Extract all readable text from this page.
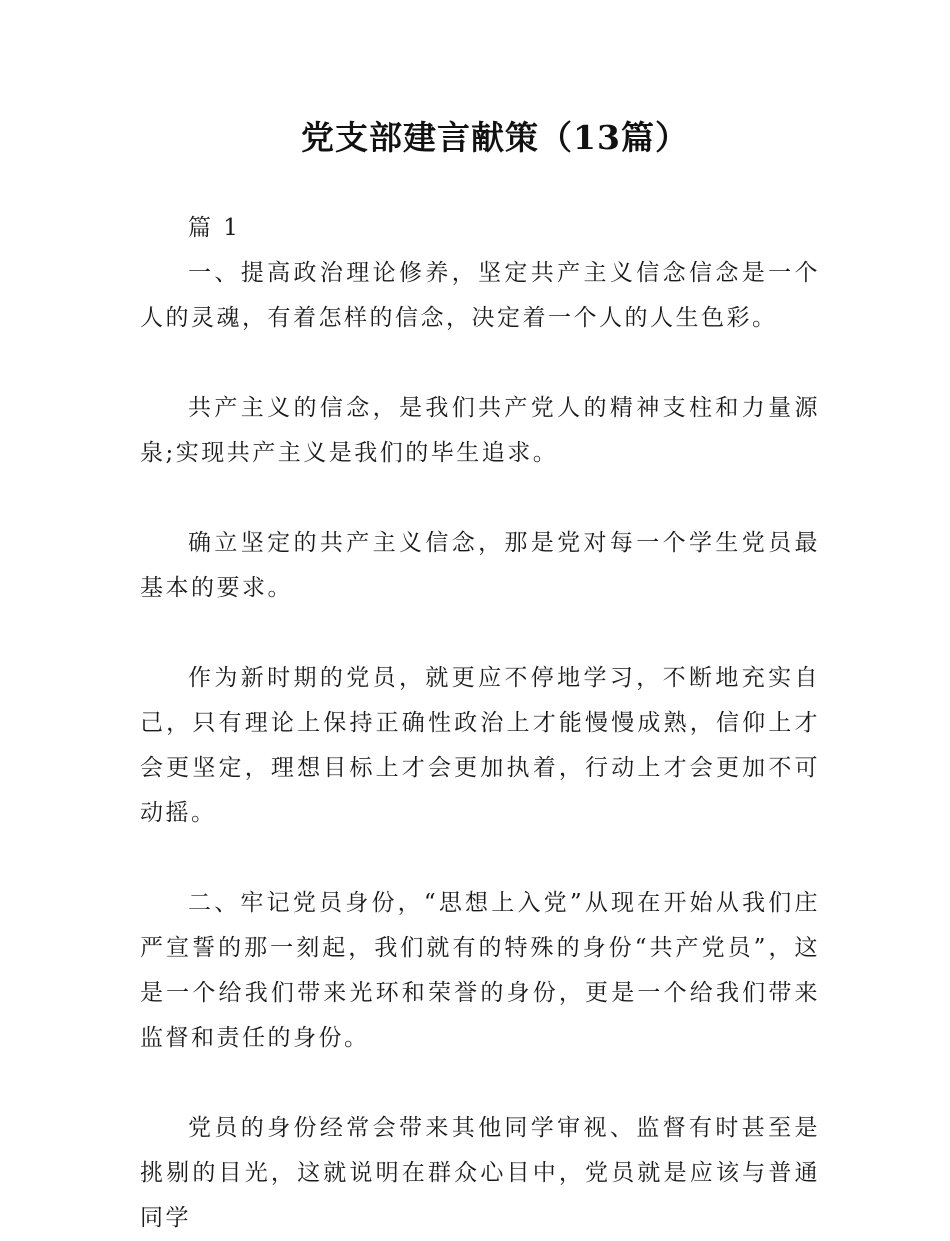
党支部建言献策（13篇）

篇 1

一、提高政治理论修养，坚定共产主义信念信念是一个人的灵魂，有着怎样的信念，决定着一个人的人生色彩。

共产主义的信念，是我们共产党人的精神支柱和力量源泉;实现共产主义是我们的毕生追求。

确立坚定的共产主义信念，那是党对每一个学生党员最基本的要求。

作为新时期的党员，就更应不停地学习，不断地充实自己，只有理论上保持正确性政治上才能慢慢成熟，信仰上才会更坚定，理想目标上才会更加执着，行动上才会更加不可动摇。

二、牢记党员身份，“思想上入党”从现在开始从我们庄严宣誓的那一刻起，我们就有的特殊的身份“共产党员”，这是一个给我们带来光环和荣誉的身份，更是一个给我们带来监督和责任的身份。

党员的身份经常会带来其他同学审视、监督有时甚至是挑剔的目光，这就说明在群众心目中，党员就是应该与普通同学
